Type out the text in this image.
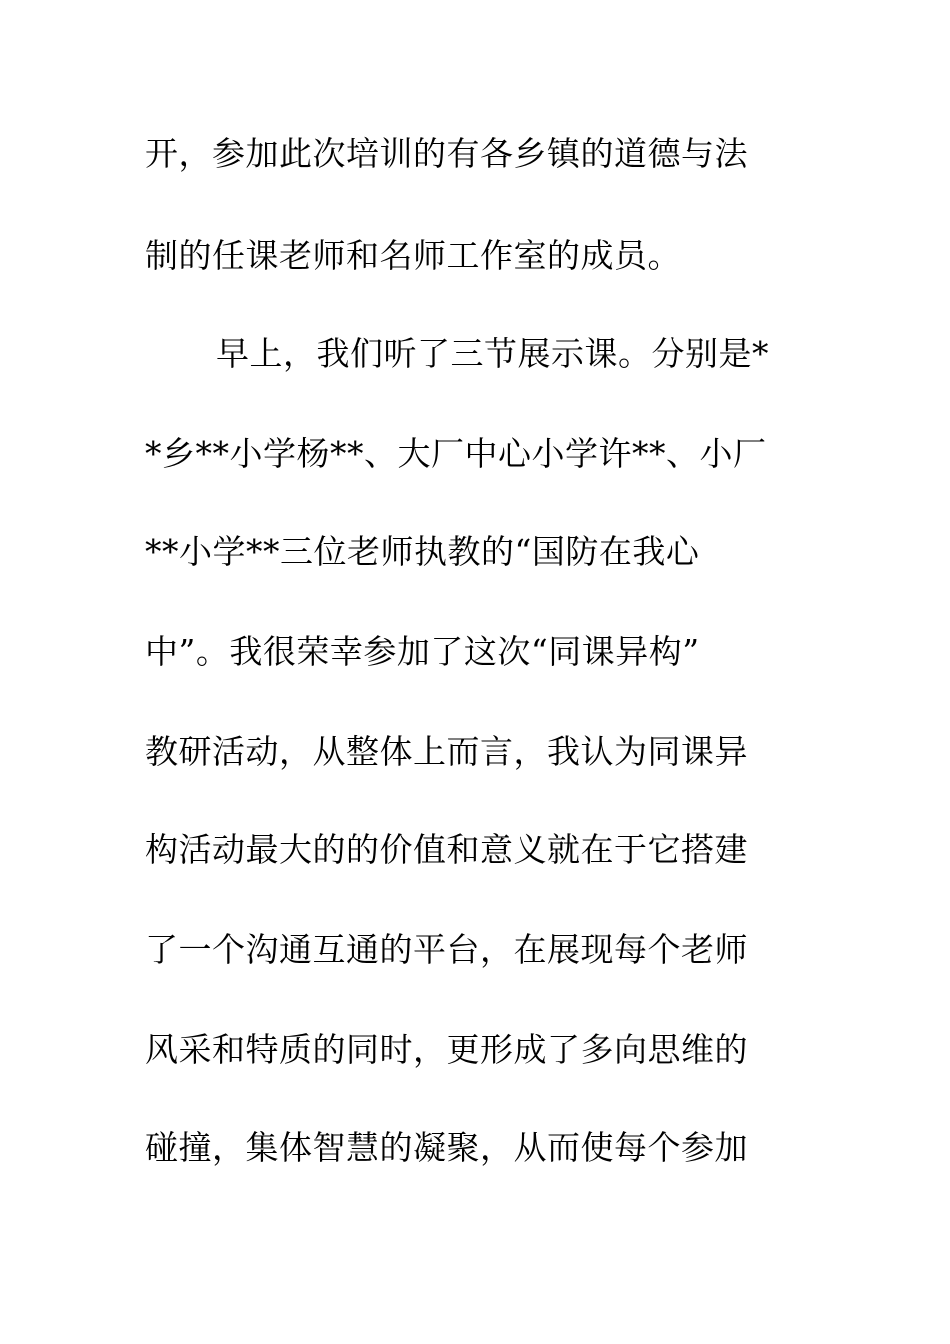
开，参加此次培训的有各乡镇的道德与法
制的任课老师和名师工作室的成员。
早上，我们听了三节展示课。分别是*
*乡**小学杨**、大厂中心小学许**、小厂
**小学**三位老师执教的“国防在我心
中”。我很荣幸参加了这次“同课异构”
教研活动，从整体上而言，我认为同课异
构活动最大的的价值和意义就在于它搭建
了一个沟通互通的平台，在展现每个老师
风采和特质的同时，更形成了多向思维的
碰撞，集体智慧的凝聚，从而使每个参加
